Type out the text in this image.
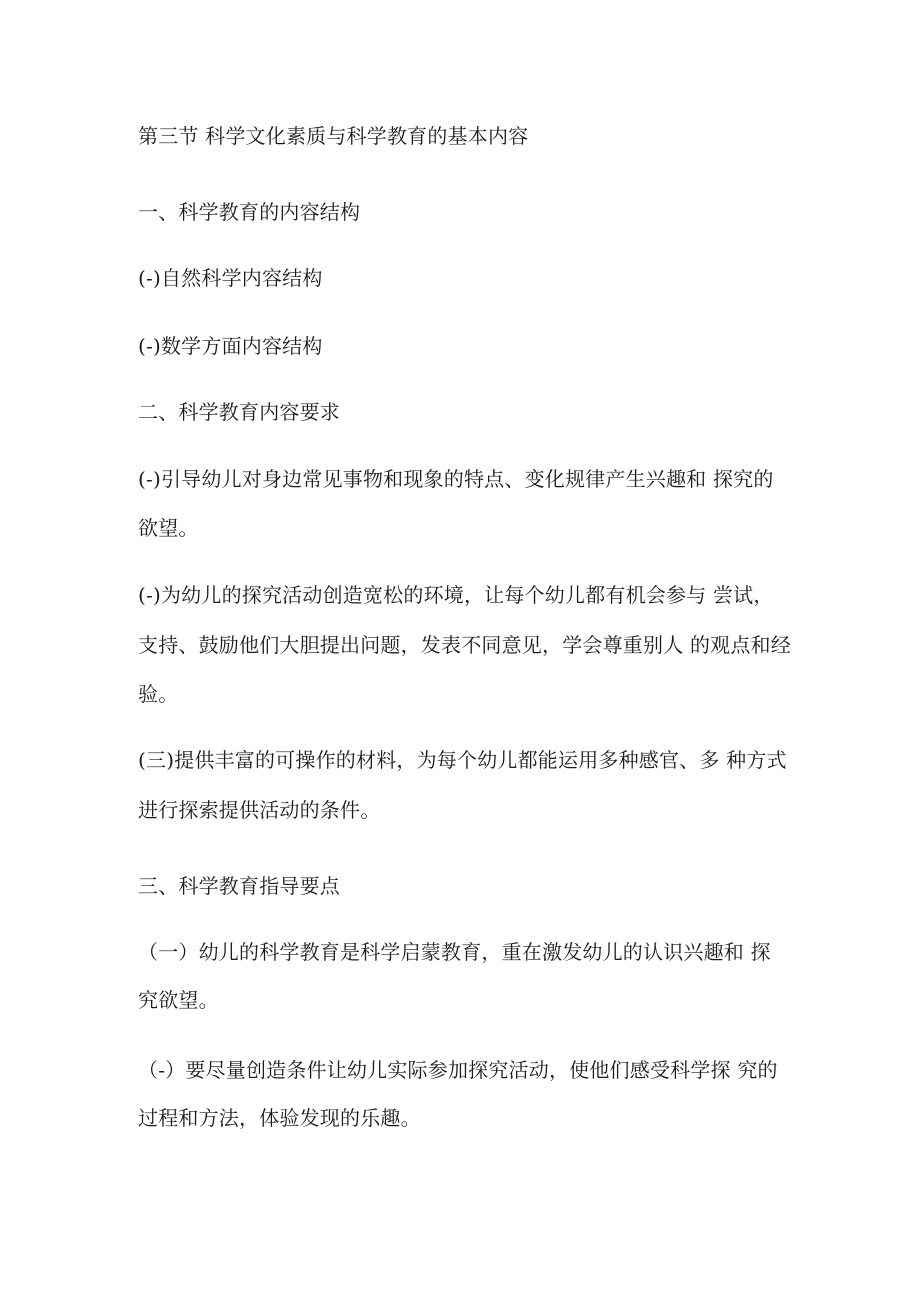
第三节 科学文化素质与科学教育的基本内容
一、科学教育的内容结构
(-)自然科学内容结构
(-)数学方面内容结构
二、科学教育内容要求
(-)引导幼儿对身边常见事物和现象的特点、变化规律产生兴趣和 探究的
欲望。
(-)为幼儿的探究活动创造宽松的环境，让每个幼儿都有机会参与 尝试，
支持、鼓励他们大胆提出问题，发表不同意见，学会尊重别人 的观点和经
验。
(三)提供丰富的可操作的材料，为每个幼儿都能运用多种感官、多 种方式
进行探索提供活动的条件。
三、科学教育指导要点
（一）幼儿的科学教育是科学启蒙教育，重在激发幼儿的认识兴趣和 探
究欲望。
（-）要尽量创造条件让幼儿实际参加探究活动，使他们感受科学探 究的
过程和方法，体验发现的乐趣。
